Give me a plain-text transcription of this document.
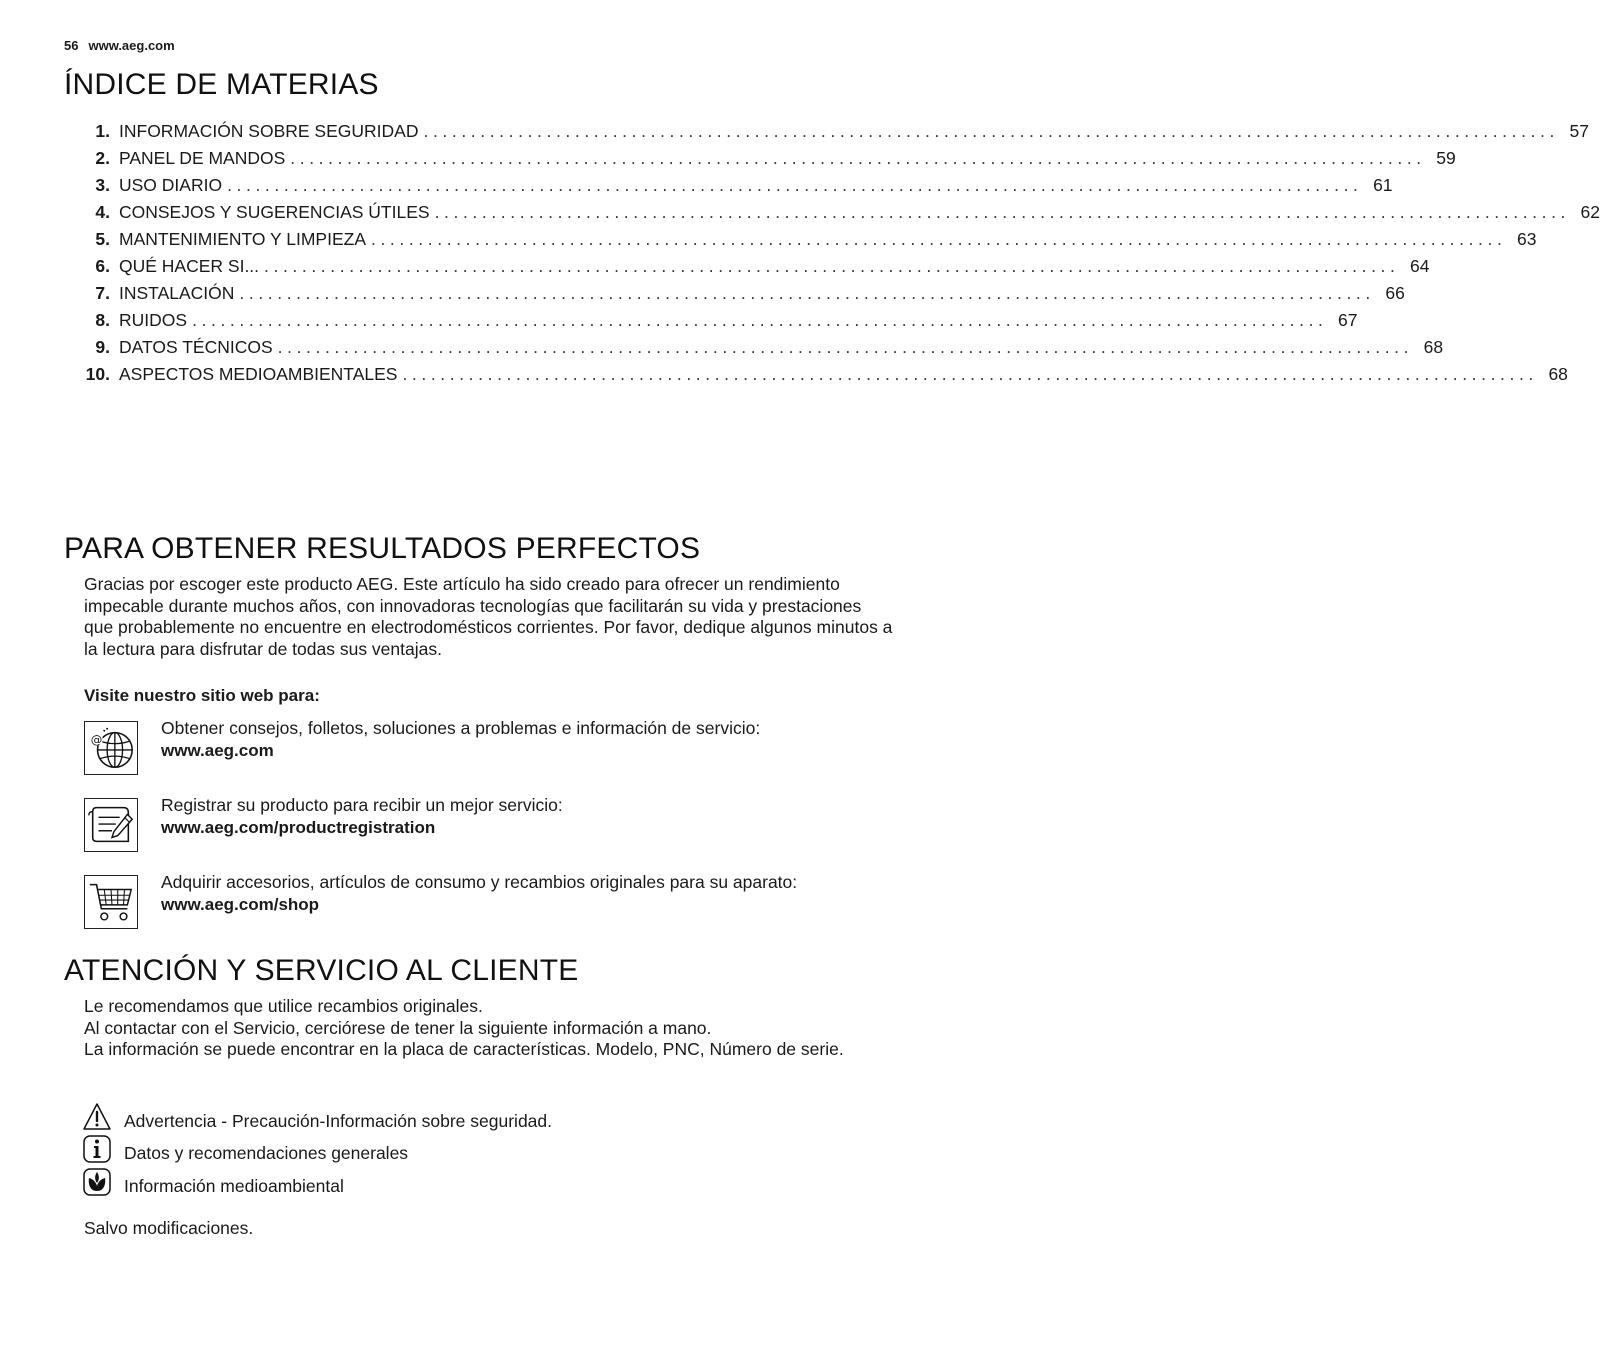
56 www.aeg.com
ÍNDICE DE MATERIAS
1. INFORMACIÓN SOBRE SEGURIDAD ........................................................................................................................ 57
2. PANEL DE MANDOS ........................................................................................................................ 59
3. USO DIARIO ........................................................................................................................ 61
4. CONSEJOS Y SUGERENCIAS ÚTILES ........................................................................................................................ 62
5. MANTENIMIENTO Y LIMPIEZA ........................................................................................................................ 63
6. QUÉ HACER SI... ........................................................................................................................ 64
7. INSTALACIÓN ........................................................................................................................ 66
8. RUIDOS ........................................................................................................................ 67
9. DATOS TÉCNICOS ........................................................................................................................ 68
10. ASPECTOS MEDIOAMBIENTALES ........................................................................................................................ 68
PARA OBTENER RESULTADOS PERFECTOS

Gracias por escoger este producto AEG. Este artículo ha sido creado para ofrecer un rendimiento impecable durante muchos años, con innovadoras tecnologías que facilitarán su vida y prestaciones que probablemente no encuentre en electrodomésticos corrientes. Por favor, dedique algunos minutos a la lectura para disfrutar de todas sus ventajas.

Visite nuestro sitio web para:

@
Obtener consejos, folletos, soluciones a problemas e información de servicio:
www.aeg.com
Registrar su producto para recibir un mejor servicio:
www.aeg.com/productregistration
Adquirir accesorios, artículos de consumo y recambios originales para su aparato:
www.aeg.com/shop
ATENCIÓN Y SERVICIO AL CLIENTE
Le recomendamos que utilice recambios originales.
Al contactar con el Servicio, cerciórese de tener la siguiente información a mano.
La información se puede encontrar en la placa de características. Modelo, PNC, Número de serie.
Advertencia - Precaución-Información sobre seguridad.
Datos y recomendaciones generales
Información medioambiental

Salvo modificaciones.
